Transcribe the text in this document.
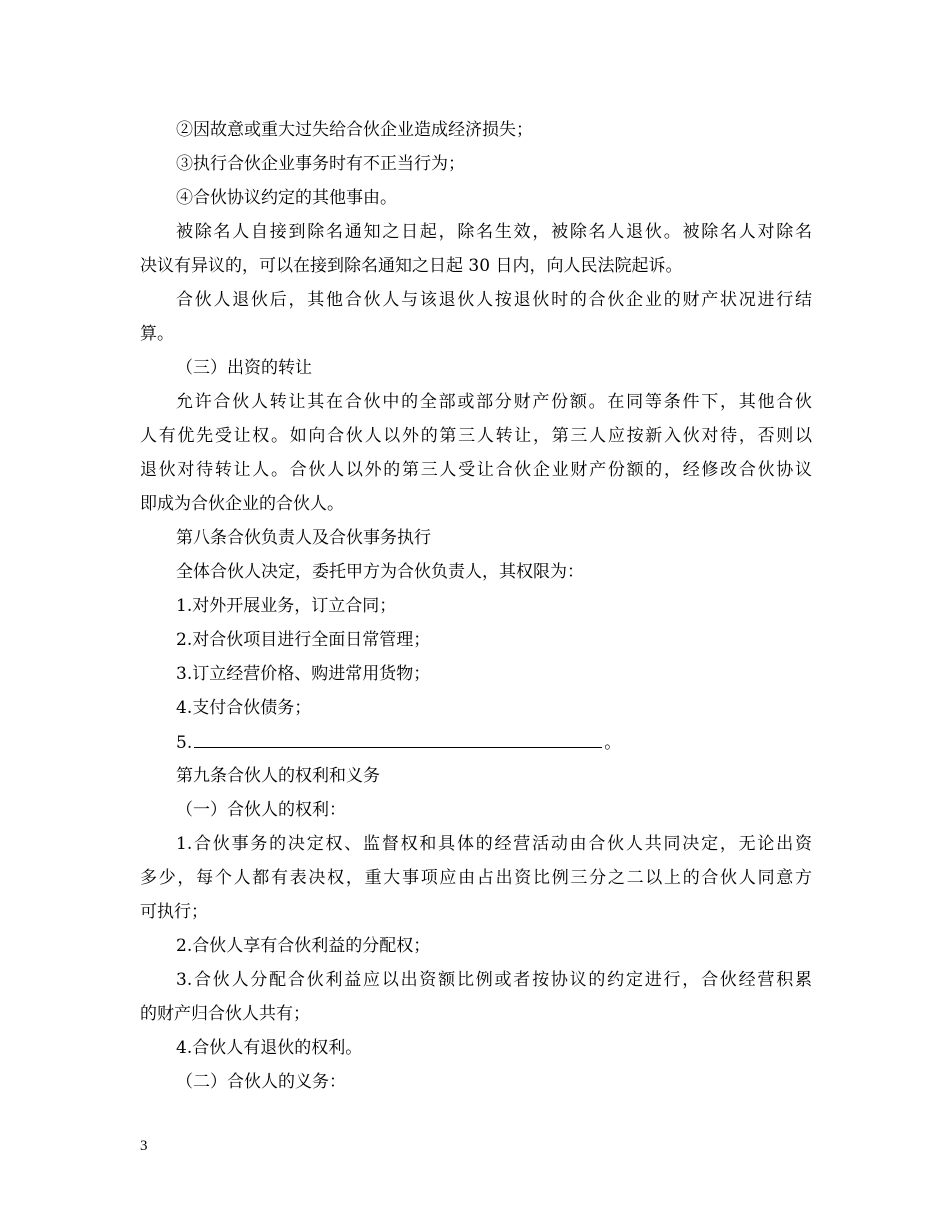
②因故意或重大过失给合伙企业造成经济损失；
③执行合伙企业事务时有不正当行为；
④合伙协议约定的其他事由。
被除名人自接到除名通知之日起，除名生效，被除名人退伙。被除名人对除名
决议有异议的，可以在接到除名通知之日起 30 日内，向人民法院起诉。
合伙人退伙后，其他合伙人与该退伙人按退伙时的合伙企业的财产状况进行结
算。
（三）出资的转让
允许合伙人转让其在合伙中的全部或部分财产份额。在同等条件下，其他合伙
人有优先受让权。如向合伙人以外的第三人转让，第三人应按新入伙对待，否则以
退伙对待转让人。合伙人以外的第三人受让合伙企业财产份额的，经修改合伙协议
即成为合伙企业的合伙人。
第八条合伙负责人及合伙事务执行
全体合伙人决定，委托甲方为合伙负责人，其权限为：
1.对外开展业务，订立合同；
2.对合伙项目进行全面日常管理；
3.订立经营价格、购进常用货物；
4.支付合伙债务；
5.	。
第九条合伙人的权利和义务
（一）合伙人的权利：
1.合伙事务的决定权、监督权和具体的经营活动由合伙人共同决定，无论出资
多少，每个人都有表决权，重大事项应由占出资比例三分之二以上的合伙人同意方
可执行；
2.合伙人享有合伙利益的分配权；
3.合伙人分配合伙利益应以出资额比例或者按协议的约定进行，合伙经营积累
的财产归合伙人共有；
4.合伙人有退伙的权利。
（二）合伙人的义务：
3
